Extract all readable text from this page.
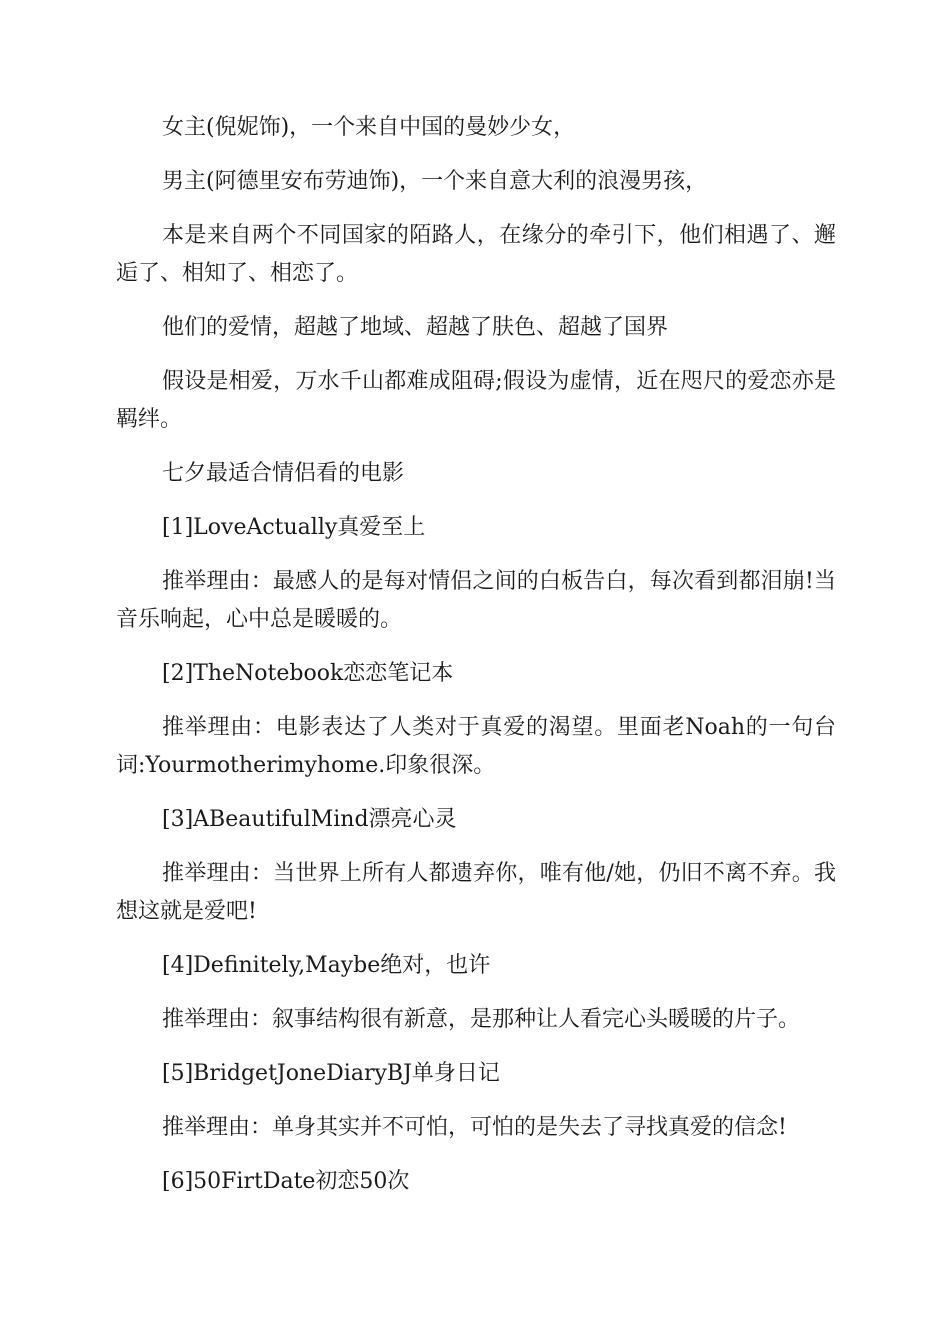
女主(倪妮饰)，一个来自中国的曼妙少女，

男主(阿德里安布劳迪饰)，一个来自意大利的浪漫男孩，

本是来自两个不同国家的陌路人，在缘分的牵引下，他们相遇了、邂逅了、相知了、相恋了。

他们的爱情，超越了地域、超越了肤色、超越了国界

假设是相爱，万水千山都难成阻碍;假设为虚情，近在咫尺的爱恋亦是羁绊。

七夕最适合情侣看的电影

[1]LoveActually真爱至上

推举理由：最感人的是每对情侣之间的白板告白，每次看到都泪崩!当音乐响起，心中总是暖暖的。

[2]TheNotebook恋恋笔记本

推举理由：电影表达了人类对于真爱的渴望。里面老Noah的一句台词:Yourmotherimyhome.印象很深。

[3]ABeautifulMind漂亮心灵

推举理由：当世界上所有人都遗弃你，唯有他/她，仍旧不离不弃。我想这就是爱吧!

[4]Definitely,Maybe绝对，也许

推举理由：叙事结构很有新意，是那种让人看完心头暖暖的片子。

[5]BridgetJoneDiaryBJ单身日记

推举理由：单身其实并不可怕，可怕的是失去了寻找真爱的信念!

[6]50FirtDate初恋50次
